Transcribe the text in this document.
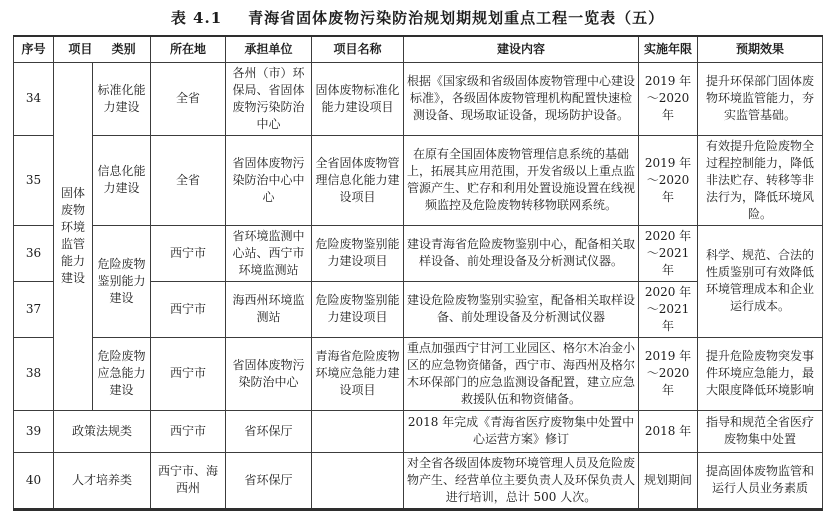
表 4.1 青海省固体废物污染防治规划期规划重点工程一览表（五）
序号	项目 类别		所在地	承担单位	项目名称	建设内容	实施年限	预期效果
34	固体废物环境监管能力建设	标准化能力建设	全省	各州（市）环保局、省固体废物污染防治中心	固体废物标准化能力建设项目	根据《国家级和省级固体废物管理中心建设标准》，各级固体废物管理机构配置快速检测设备、现场取证设备，现场防护设备。	2019 年～2020 年	提升环保部门固体废物环境监管能力，夯实监管基础。
35		信息化能力建设	全省	省固体废物污染防治中心中心	全省固体废物管理信息化能力建设项目	在原有全国固体废物管理信息系统的基础上，拓展其应用范围，开发省级以上重点监管源产生、贮存和利用处置设施设置在线视频监控及危险废物转移物联网系统。	2019 年～2020 年	有效提升危险废物全过程控制能力，降低非法贮存、转移等非法行为，降低环境风险。
36		危险废物鉴别能力建设	西宁市	省环境监测中心站、西宁市环境监测站	危险废物鉴别能力建设项目	建设青海省危险废物鉴别中心，配备相关取样设备、前处理设备及分析测试仪器。	2020 年～2021 年	科学、规范、合法的性质鉴别可有效降低环境管理成本和企业运行成本。
37			西宁市	海西州环境监测站	危险废物鉴别能力建设项目	建设危险废物鉴别实验室，配备相关取样设备、前处理设备及分析测试仪器	2020 年～2021 年	
38		危险废物应急能力建设	西宁市	省固体废物污染防治中心	青海省危险废物环境应急能力建设项目	重点加强西宁甘河工业园区、格尔木冶金小区的应急物资储备，西宁市、海西州及格尔木环保部门的应急监测设备配置，建立应急救援队伍和物资储备。	2019 年～2020 年	提升危险废物突发事件环境应急能力，最大限度降低环境影响
39	政策法规类		西宁市	省环保厅		2018 年完成《青海省医疗废物集中处置中心运营方案》修订	2018 年	指导和规范全省医疗废物集中处置
40	人才培养类		西宁市、海西州	省环保厅		对全省各级固体废物环境管理人员及危险废物产生、经营单位主要负责人及环保负责人进行培训，总计 500 人次。	规划期间	提高固体废物监管和运行人员业务素质
